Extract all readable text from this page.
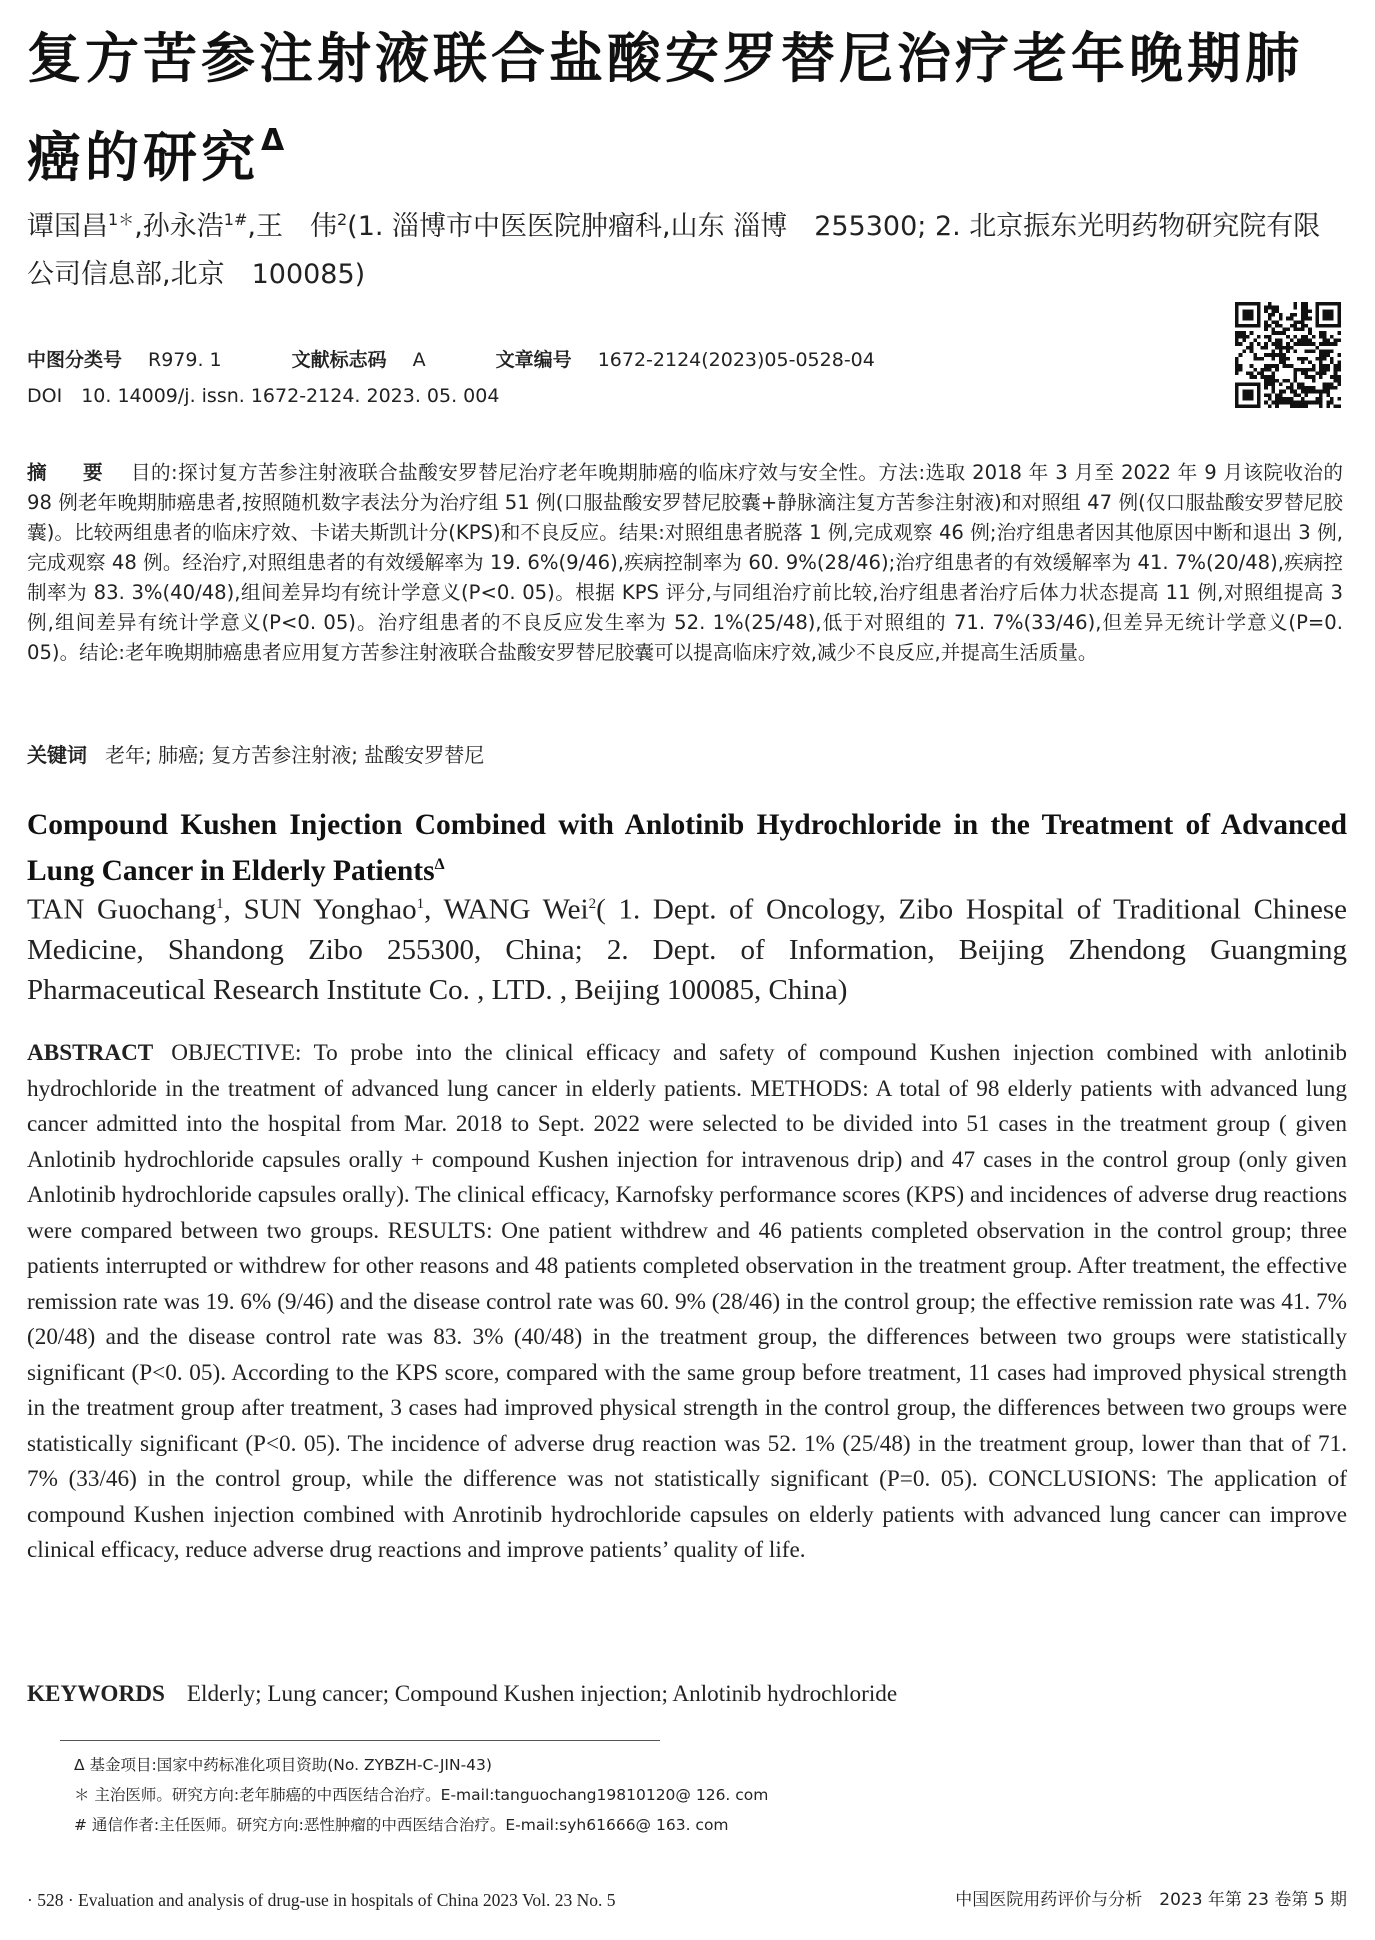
复方苦参注射液联合盐酸安罗替尼治疗老年晚期肺癌的研究$^\Delta$
谭国昌$^{1*}$,孙永浩$^{1\#}$,王　伟$^2$(1. 淄博市中医医院肿瘤科,山东 淄博　255300; 2. 北京振东光明药物研究院有限公司信息部,北京　100085)
中图分类号 R979. 1	文献标志码 A	文章编号 1672-2124(2023)05-0528-04
DOI　10. 14009/j. issn. 1672-2124. 2023. 05. 004
摘　要 目的:探讨复方苦参注射液联合盐酸安罗替尼治疗老年晚期肺癌的临床疗效与安全性。方法:选取 2018 年 3 月至 2022 年 9 月该院收治的 98 例老年晚期肺癌患者,按照随机数字表法分为治疗组 51 例(口服盐酸安罗替尼胶囊+静脉滴注复方苦参注射液)和对照组 47 例(仅口服盐酸安罗替尼胶囊)。比较两组患者的临床疗效、卡诺夫斯凯计分(KPS)和不良反应。结果:对照组患者脱落 1 例,完成观察 46 例;治疗组患者因其他原因中断和退出 3 例,完成观察 48 例。经治疗,对照组患者的有效缓解率为 19. 6%(9/46),疾病控制率为 60. 9%(28/46);治疗组患者的有效缓解率为 41. 7%(20/48),疾病控制率为 83. 3%(40/48),组间差异均有统计学意义(P<0. 05)。根据 KPS 评分,与同组治疗前比较,治疗组患者治疗后体力状态提高 11 例,对照组提高 3 例,组间差异有统计学意义(P<0. 05)。治疗组患者的不良反应发生率为 52. 1%(25/48),低于对照组的 71. 7%(33/46),但差异无统计学意义(P=0. 05)。结论:老年晚期肺癌患者应用复方苦参注射液联合盐酸安罗替尼胶囊可以提高临床疗效,减少不良反应,并提高生活质量。
关键词 老年; 肺癌; 复方苦参注射液; 盐酸安罗替尼
Compound Kushen Injection Combined with Anlotinib Hydrochloride in the Treatment of Advanced Lung Cancer in Elderly Patients$^\Delta$
TAN Guochang$^1$, SUN Yonghao$^1$, WANG Wei$^2$( 1. Dept. of Oncology, Zibo Hospital of Traditional Chinese Medicine, Shandong Zibo 255300, China; 2. Dept. of Information, Beijing Zhendong Guangming Pharmaceutical Research Institute Co. , LTD. , Beijing 100085, China)
ABSTRACT OBJECTIVE: To probe into the clinical efficacy and safety of compound Kushen injection combined with anlotinib hydrochloride in the treatment of advanced lung cancer in elderly patients. METHODS: A total of 98 elderly patients with advanced lung cancer admitted into the hospital from Mar. 2018 to Sept. 2022 were selected to be divided into 51 cases in the treatment group ( given Anlotinib hydrochloride capsules orally + compound Kushen injection for intravenous drip) and 47 cases in the control group (only given Anlotinib hydrochloride capsules orally). The clinical efficacy, Karnofsky performance scores (KPS) and incidences of adverse drug reactions were compared between two groups. RESULTS: One patient withdrew and 46 patients completed observation in the control group; three patients interrupted or withdrew for other reasons and 48 patients completed observation in the treatment group. After treatment, the effective remission rate was 19. 6% (9/46) and the disease control rate was 60. 9% (28/46) in the control group; the effective remission rate was 41. 7% (20/48) and the disease control rate was 83. 3% (40/48) in the treatment group, the differences between two groups were statistically significant (P<0. 05). According to the KPS score, compared with the same group before treatment, 11 cases had improved physical strength in the treatment group after treatment, 3 cases had improved physical strength in the control group, the differences between two groups were statistically significant (P<0. 05). The incidence of adverse drug reaction was 52. 1% (25/48) in the treatment group, lower than that of 71. 7% (33/46) in the control group, while the difference was not statistically significant (P=0. 05). CONCLUSIONS: The application of compound Kushen injection combined with Anrotinib hydrochloride capsules on elderly patients with advanced lung cancer can improve clinical efficacy, reduce adverse drug reactions and improve patients’ quality of life.
KEYWORDS Elderly; Lung cancer; Compound Kushen injection; Anlotinib hydrochloride
Δ 基金项目:国家中药标准化项目资助(No. ZYBZH-C-JIN-43)
＊ 主治医师。研究方向:老年肺癌的中西医结合治疗。E-mail:tanguochang19810120@ 126. com
# 通信作者:主任医师。研究方向:恶性肿瘤的中西医结合治疗。E-mail:syh61666@ 163. com
· 528 · Evaluation and analysis of drug-use in hospitals of China 2023 Vol. 23 No. 5	中国医院用药评价与分析　2023 年第 23 卷第 5 期
